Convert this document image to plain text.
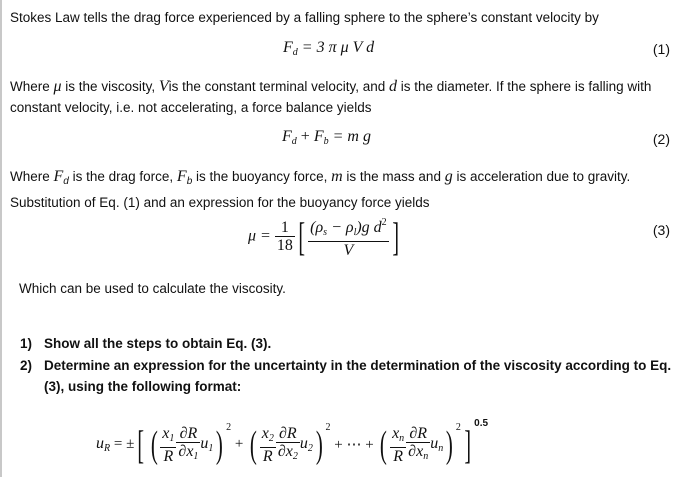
Stokes Law tells the drag force experienced by a falling sphere to the sphere’s constant velocity by
$F_d = 3$ π μ V d	(1)
Where μ is the viscosity, Vis the constant terminal velocity, and d is the diameter. If the sphere is falling with constant velocity, i.e. not accelerating, a force balance yields
$F_d + F_b = m$ g	(2)
Where $F_d$ is the drag force, $F_b$ is the buoyancy force, m is the mass and g is acceleration due to gravity. Substitution of Eq. (1) and an expression for the buoyancy force yields
$\mu = \frac{1}{18}$ [ $\frac{(\rho_s - \rho_l)g d^2}{V}$ ]	(3)
Which can be used to calculate the viscosity.
1) Show all the steps to obtain Eq. (3).
2) Determine an expression for the uncertainty in the determination of the viscosity according to Eq. (3), using the following format:
$u_R$ = ±[ ( $\frac{x_1}{R} \frac{\partial R}{\partial x_1} u_1$) $^2$ + ( $\frac{x_2}{R} \frac{\partial R}{\partial x_2} u_2$) $^2$ + ⋯ + ( $\frac{x_n}{R} \frac{\partial R}{\partial x_n} u_n$) $^2$] $^{0.5}$
